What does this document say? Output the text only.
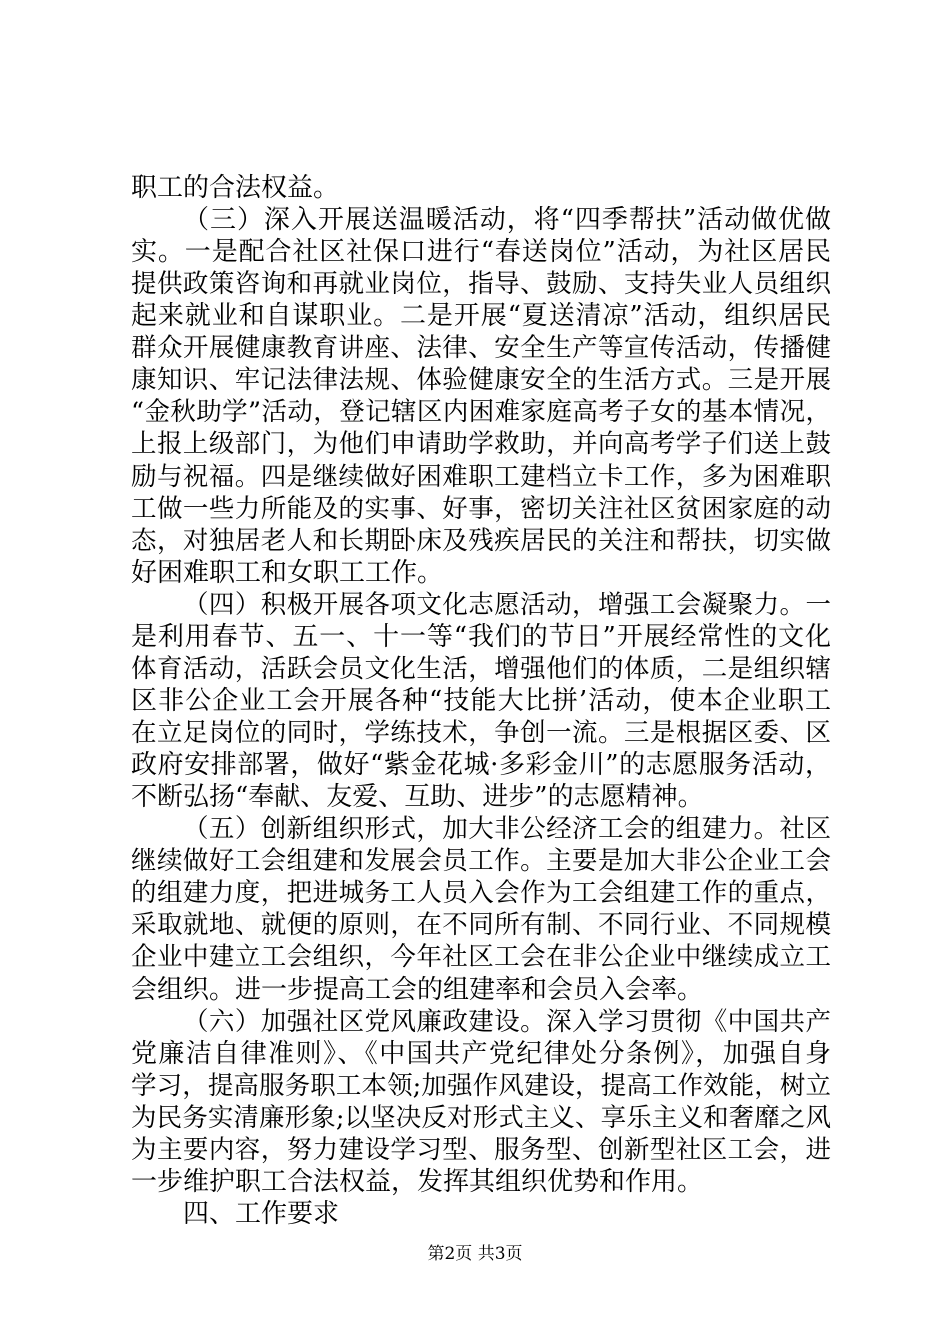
职工的合法权益。
（三）深入开展送温暖活动，将“四季帮扶”活动做优做
实。一是配合社区社保口进行“春送岗位”活动，为社区居民
提供政策咨询和再就业岗位，指导、鼓励、支持失业人员组织
起来就业和自谋职业。二是开展“夏送清凉”活动，组织居民
群众开展健康教育讲座、法律、安全生产等宣传活动，传播健
康知识、牢记法律法规、体验健康安全的生活方式。三是开展
“金秋助学”活动，登记辖区内困难家庭高考子女的基本情况，
上报上级部门，为他们申请助学救助，并向高考学子们送上鼓
励与祝福。四是继续做好困难职工建档立卡工作，多为困难职
工做一些力所能及的实事、好事，密切关注社区贫困家庭的动
态，对独居老人和长期卧床及残疾居民的关注和帮扶，切实做
好困难职工和女职工工作。
（四）积极开展各项文化志愿活动，增强工会凝聚力。一
是利用春节、五一、十一等“我们的节日”开展经常性的文化
体育活动，活跃会员文化生活，增强他们的体质，二是组织辖
区非公企业工会开展各种“技能大比拼’活动，使本企业职工
在立足岗位的同时，学练技术，争创一流。三是根据区委、区
政府安排部署，做好“紫金花城·多彩金川”的志愿服务活动，
不断弘扬“奉献、友爱、互助、进步”的志愿精神。
（五）创新组织形式，加大非公经济工会的组建力。社区
继续做好工会组建和发展会员工作。主要是加大非公企业工会
的组建力度，把进城务工人员入会作为工会组建工作的重点，
采取就地、就便的原则，在不同所有制、不同行业、不同规模
企业中建立工会组织，今年社区工会在非公企业中继续成立工
会组织。进一步提高工会的组建率和会员入会率。
（六）加强社区党风廉政建设。深入学习贯彻《中国共产
党廉洁自律准则》、《中国共产党纪律处分条例》，加强自身
学习，提高服务职工本领;加强作风建设，提高工作效能，树立
为民务实清廉形象;以坚决反对形式主义、享乐主义和奢靡之风
为主要内容，努力建设学习型、服务型、创新型社区工会，进
一步维护职工合法权益，发挥其组织优势和作用。
四、工作要求
第2页 共3页
